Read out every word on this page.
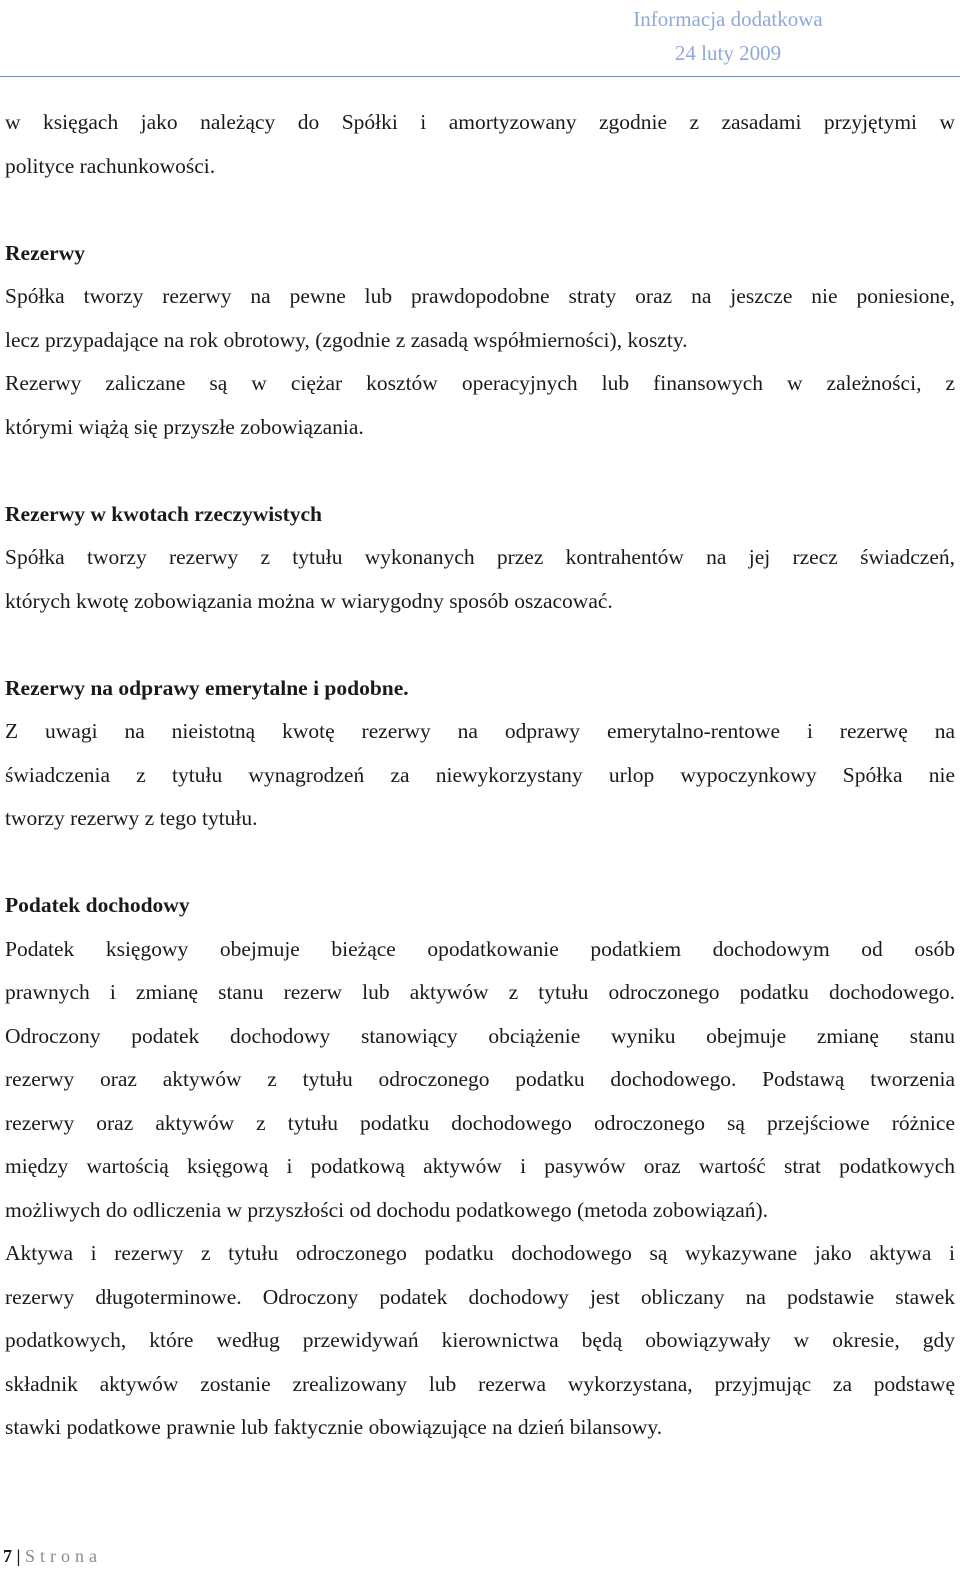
Informacja dodatkowa
24 luty 2009

w księgach jako należący do Spółki i amortyzowany zgodnie z zasadami przyjętymi w

polityce rachunkowości.

Rezerwy

Spółka tworzy rezerwy na pewne lub prawdopodobne straty oraz na jeszcze nie poniesione,

lecz przypadające na rok obrotowy, (zgodnie z zasadą współmierności), koszty.

Rezerwy zaliczane są w ciężar kosztów operacyjnych lub finansowych w zależności, z

którymi wiążą się przyszłe zobowiązania.

Rezerwy w kwotach rzeczywistych

Spółka tworzy rezerwy z tytułu wykonanych przez kontrahentów na jej rzecz świadczeń,

których kwotę zobowiązania można w wiarygodny sposób oszacować.

Rezerwy na odprawy emerytalne i podobne.

Z uwagi na nieistotną kwotę rezerwy na odprawy emerytalno-rentowe i rezerwę na

świadczenia z tytułu wynagrodzeń za niewykorzystany urlop wypoczynkowy Spółka nie

tworzy rezerwy z tego tytułu.

Podatek dochodowy

Podatek księgowy obejmuje bieżące opodatkowanie podatkiem dochodowym od osób

prawnych i zmianę stanu rezerw lub aktywów z tytułu odroczonego podatku dochodowego.

Odroczony podatek dochodowy stanowiący obciążenie wyniku obejmuje zmianę stanu

rezerwy oraz aktywów z tytułu odroczonego podatku dochodowego. Podstawą tworzenia

rezerwy oraz aktywów z tytułu podatku dochodowego odroczonego są przejściowe różnice

między wartością księgową i podatkową aktywów i pasywów oraz wartość strat podatkowych

możliwych do odliczenia w przyszłości od dochodu podatkowego (metoda zobowiązań).

Aktywa i rezerwy z tytułu odroczonego podatku dochodowego są wykazywane jako aktywa i

rezerwy długoterminowe. Odroczony podatek dochodowy jest obliczany na podstawie stawek

podatkowych, które według przewidywań kierownictwa będą obowiązywały w okresie, gdy

składnik aktywów zostanie zrealizowany lub rezerwa wykorzystana, przyjmując za podstawę

stawki podatkowe prawnie lub faktycznie obowiązujące na dzień bilansowy.

7 | Strona
